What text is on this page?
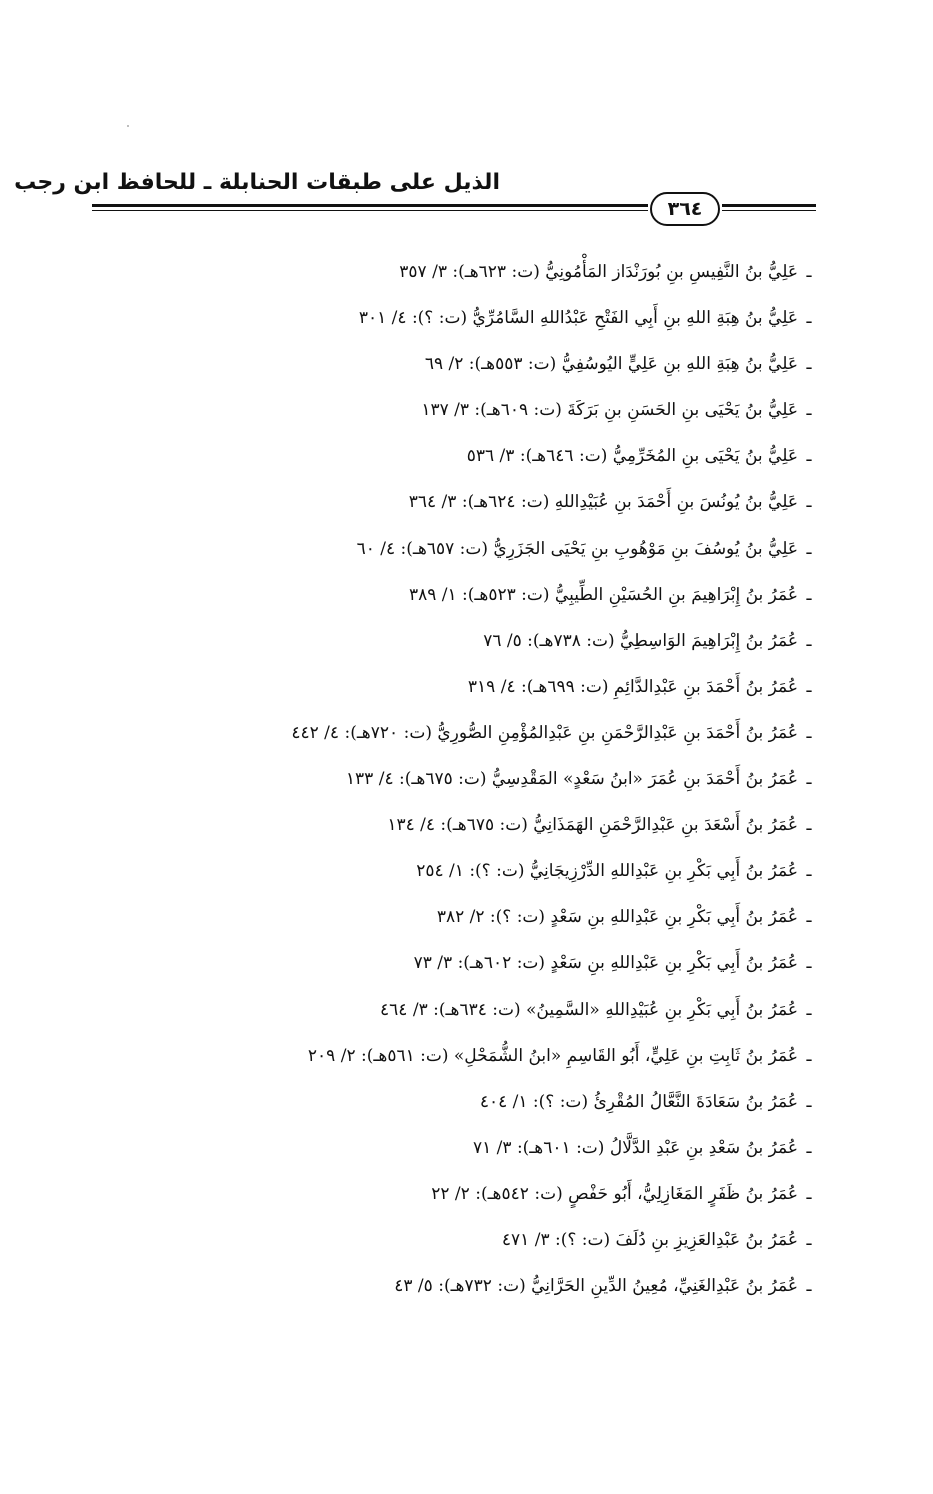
الذيل على طبقات الحنابلة ـ للحافظ ابن رجب
٣٦٤
ـعَلِيُّ بنُ النَّفِيسِ بنِ بُورَنْدَاز المَأْمُونِيُّ (ت: ٦٢٣هـ): ٣/ ٣٥٧
ـعَلِيُّ بنُ هِبَةِ اللهِ بنِ أَبِي الفَتْحِ عَبْدُاللهِ السَّامُرِّيُّ (ت: ؟): ٤/ ٣٠١
ـعَلِيُّ بنُ هِبَةِ اللهِ بنِ عَلِيٍّ اليُوسُفِيُّ (ت: ٥٥٣هـ): ٢/ ٦٩
ـعَلِيُّ بنُ يَحْيَى بنِ الحَسَنِ بنِ بَرَكَةَ (ت: ٦٠٩هـ): ٣/ ١٣٧
ـعَلِيُّ بنُ يَحْيَى بنِ المُخَرِّمِيُّ (ت: ٦٤٦هـ): ٣/ ٥٣٦
ـعَلِيُّ بنُ يُونُسَ بنِ أَحْمَدَ بنِ عُبَيْدِاللهِ (ت: ٦٢٤هـ): ٣/ ٣٦٤
ـعَلِيُّ بنُ يُوسُفَ بنِ مَوْهُوبِ بنِ يَحْيَى الجَزَرِيُّ (ت: ٦٥٧هـ): ٤/ ٦٠
ـعُمَرُ بنُ إِبْرَاهِيمَ بنِ الحُسَيْنِ الطِّيبِيُّ (ت: ٥٢٣هـ): ١/ ٣٨٩
ـعُمَرُ بنُ إِبْرَاهِيمَ الوَاسِطِيُّ (ت: ٧٣٨هـ): ٥/ ٧٦
ـعُمَرُ بنُ أَحْمَدَ بنِ عَبْدِالدَّائِمِ (ت: ٦٩٩هـ): ٤/ ٣١٩
ـعُمَرُ بنُ أَحْمَدَ بنِ عَبْدِالرَّحْمَنِ بنِ عَبْدِالمُؤْمِنِ الصُّورِيُّ (ت: ٧٢٠هـ): ٤/ ٤٤٢
ـعُمَرُ بنُ أَحْمَدَ بنِ عُمَرَ «ابنُ سَعْدٍ» المَقْدِسِيُّ (ت: ٦٧٥هـ): ٤/ ١٣٣
ـعُمَرُ بنُ أَسْعَدَ بنِ عَبْدِالرَّحْمَنِ الهَمَذَانِيُّ (ت: ٦٧٥هـ): ٤/ ١٣٤
ـعُمَرُ بنُ أَبِي بَكْرِ بنِ عَبْدِاللهِ الدِّرْزِيجَانِيُّ (ت: ؟): ١/ ٢٥٤
ـعُمَرُ بنُ أَبِي بَكْرِ بنِ عَبْدِاللهِ بنِ سَعْدٍ (ت: ؟): ٢/ ٣٨٢
ـعُمَرُ بنُ أَبِي بَكْرِ بنِ عَبْدِاللهِ بنِ سَعْدٍ (ت: ٦٠٢هـ): ٣/ ٧٣
ـعُمَرُ بنُ أَبِي بَكْرِ بنِ عُبَيْدِاللهِ «السَّمِينُ» (ت: ٦٣٤هـ): ٣/ ٤٦٤
ـعُمَرُ بنُ ثَابِتِ بنِ عَلِيٍّ، أَبُو القَاسِمِ «ابنُ الشُّمَحْلِ» (ت: ٥٦١هـ): ٢/ ٢٠٩
ـعُمَرُ بنُ سَعَادَةَ النَّعَّالُ المُقْرِئُ (ت: ؟): ١/ ٤٠٤
ـعُمَرُ بنُ سَعْدِ بنِ عَبْدِ الدَّلَّالُ (ت: ٦٠١هـ): ٣/ ٧١
ـعُمَرُ بنُ ظَفَرٍ المَغَازِلِيُّ، أَبُو حَفْصٍ (ت: ٥٤٢هـ): ٢/ ٢٢
ـعُمَرُ بنُ عَبْدِالعَزِيزِ بنِ دُلَفَ (ت: ؟): ٣/ ٤٧١
ـعُمَرُ بنُ عَبْدِالغَنِيِّ، مُعِينُ الدِّينِ الحَرَّانِيُّ (ت: ٧٣٢هـ): ٥/ ٤٣
